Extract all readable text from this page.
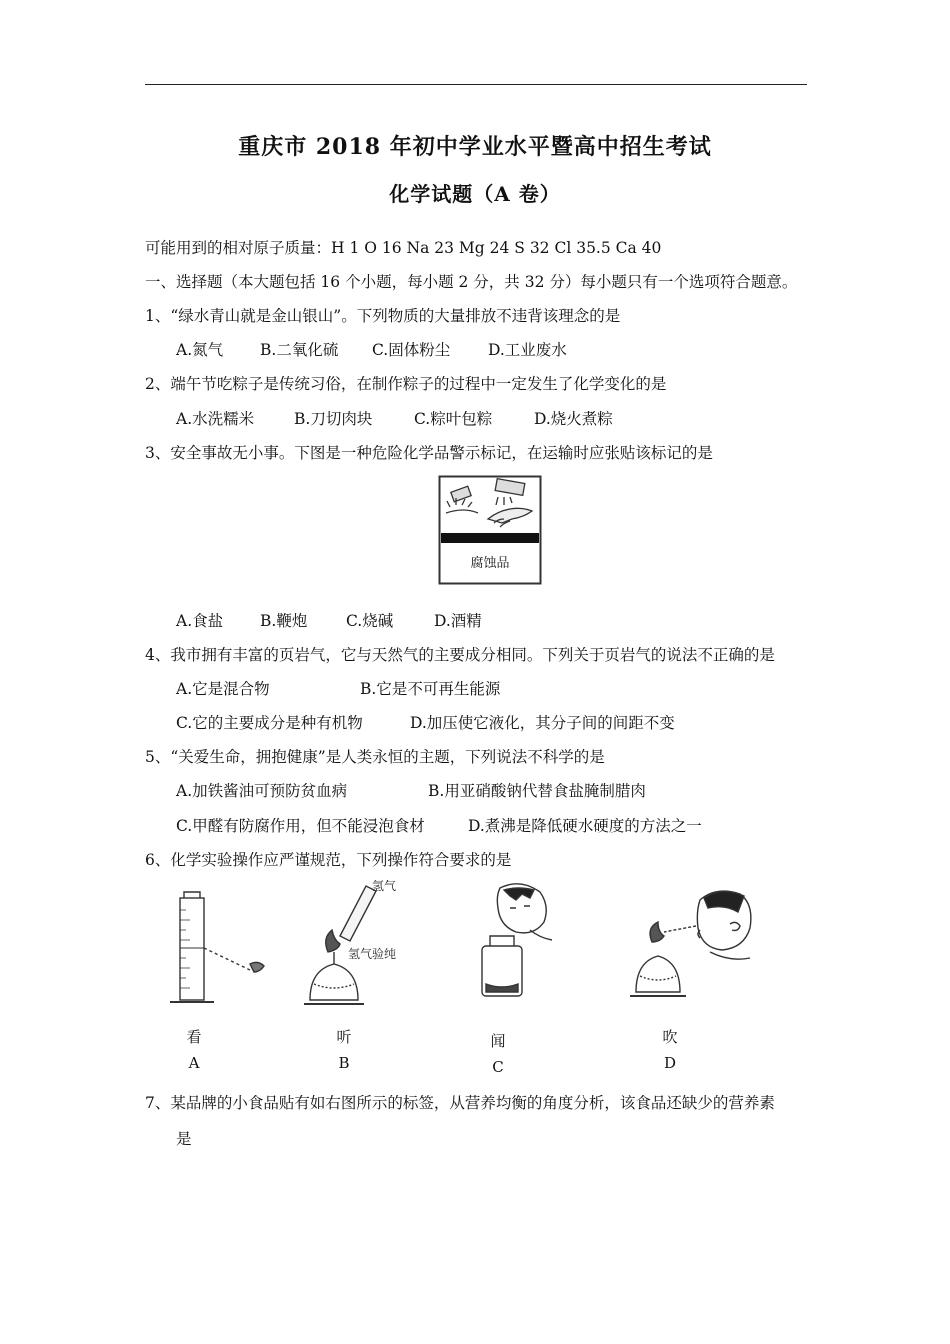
重庆市 2018 年初中学业水平暨高中招生考试
化学试题（A 卷）
可能用到的相对原子质量：H 1 O 16 Na 23 Mg 24 S 32 Cl 35.5 Ca 40
一、选择题（本大题包括 16 个小题，每小题 2 分，共 32 分）每小题只有一个选项符合题意。
1、“绿水青山就是金山银山”。下列物质的大量排放不违背该理念的是
A.氮气 B.二氧化硫 C.固体粉尘 D.工业废水
2、端午节吃粽子是传统习俗，在制作粽子的过程中一定发生了化学变化的是
A.水洗糯米	B.刀切肉块	C.粽叶包粽	D.烧火煮粽
3、安全事故无小事。下图是一种危险化学品警示标记，在运输时应张贴该标记的是
腐蚀品
A.食盐 B.鞭炮 C.烧碱	D.酒精
4、我市拥有丰富的页岩气，它与天然气的主要成分相同。下列关于页岩气的说法不正确的是
A.它是混合物	B.它是不可再生能源
C.它的主要成分是种有机物	D.加压使它液化，其分子间的间距不变
5、“关爱生命，拥抱健康”是人类永恒的主题，下列说法不科学的是
A.加铁酱油可预防贫血病	B.用亚硝酸钠代替食盐腌制腊肉
C.甲醛有防腐作用，但不能浸泡食材	D.煮沸是降低硬水硬度的方法之一
6、化学实验操作应严谨规范，下列操作符合要求的是
氢气
氢气验纯
看
A
听
B
闻
C
吹
D
7、某品牌的小食品贴有如右图所示的标签，从营养均衡的角度分析，该食品还缺少的营养素
是
